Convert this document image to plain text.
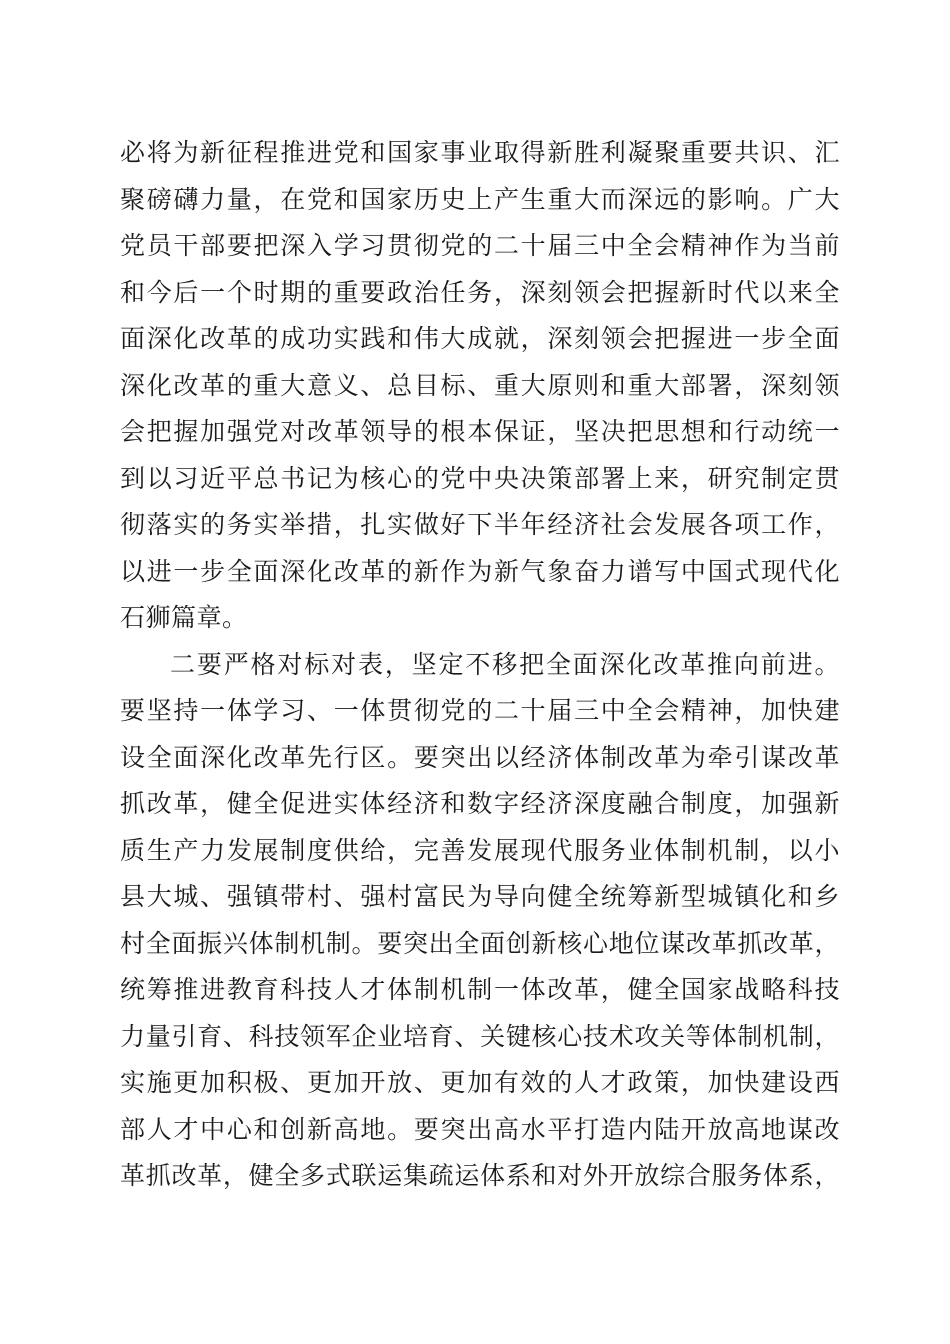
必将为新征程推进党和国家事业取得新胜利凝聚重要共识、汇
聚磅礴力量，在党和国家历史上产生重大而深远的影响。广大
党员干部要把深入学习贯彻党的二十届三中全会精神作为当前
和今后一个时期的重要政治任务，深刻领会把握新时代以来全
面深化改革的成功实践和伟大成就，深刻领会把握进一步全面
深化改革的重大意义、总目标、重大原则和重大部署，深刻领
会把握加强党对改革领导的根本保证，坚决把思想和行动统一
到以习近平总书记为核心的党中央决策部署上来，研究制定贯
彻落实的务实举措，扎实做好下半年经济社会发展各项工作，
以进一步全面深化改革的新作为新气象奋力谱写中国式现代化
石狮篇章。
二要严格对标对表，坚定不移把全面深化改革推向前进。
要坚持一体学习、一体贯彻党的二十届三中全会精神，加快建
设全面深化改革先行区。要突出以经济体制改革为牵引谋改革
抓改革，健全促进实体经济和数字经济深度融合制度，加强新
质生产力发展制度供给，完善发展现代服务业体制机制，以小
县大城、强镇带村、强村富民为导向健全统筹新型城镇化和乡
村全面振兴体制机制。要突出全面创新核心地位谋改革抓改革，
统筹推进教育科技人才体制机制一体改革，健全国家战略科技
力量引育、科技领军企业培育、关键核心技术攻关等体制机制，
实施更加积极、更加开放、更加有效的人才政策，加快建设西
部人才中心和创新高地。要突出高水平打造内陆开放高地谋改
革抓改革，健全多式联运集疏运体系和对外开放综合服务体系，
